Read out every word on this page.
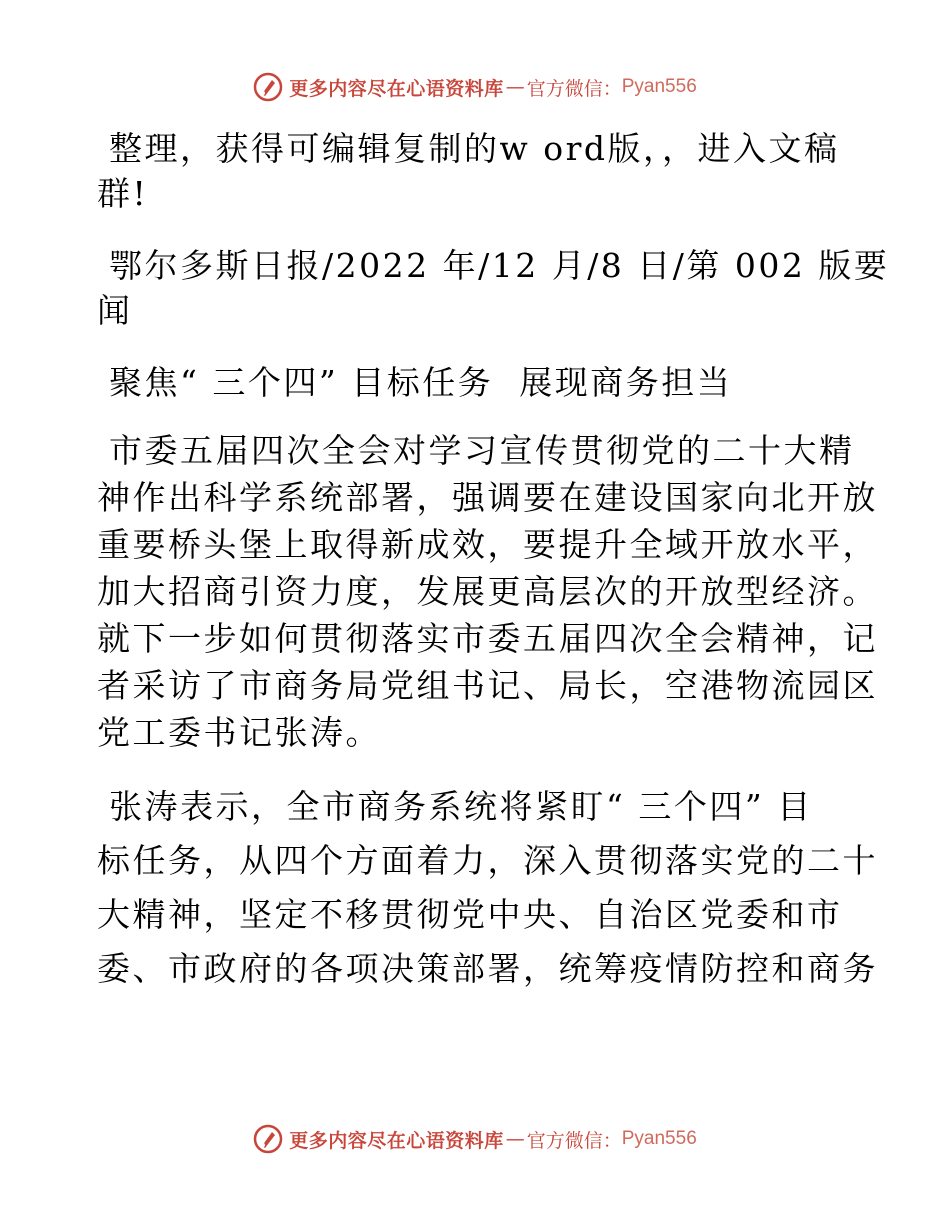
更多内容尽在心语资料库 — 官方微信： Pyan556

整理，获得可编辑复制的w ord版，，进入文稿
群!

鄂尔多斯日报/2022 年/12 月/8 日/第 002 版要
闻

聚焦“ 三个四” 目标任务  展现商务担当

市委五届四次全会对学习宣传贯彻党的二十大精
神作出科学系统部署，强调要在建设国家向北开放
重要桥头堡上取得新成效，要提升全域开放水平，
加大招商引资力度，发展更高层次的开放型经济。
就下一步如何贯彻落实市委五届四次全会精神，记
者采访了市商务局党组书记、局长，空港物流园区
党工委书记张涛。

张涛表示，全市商务系统将紧盯“ 三个四” 目
标任务，从四个方面着力，深入贯彻落实党的二十
大精神，坚定不移贯彻党中央、自治区党委和市
委、市政府的各项决策部署，统筹疫情防控和商务

更多内容尽在心语资料库 — 官方微信： Pyan556
